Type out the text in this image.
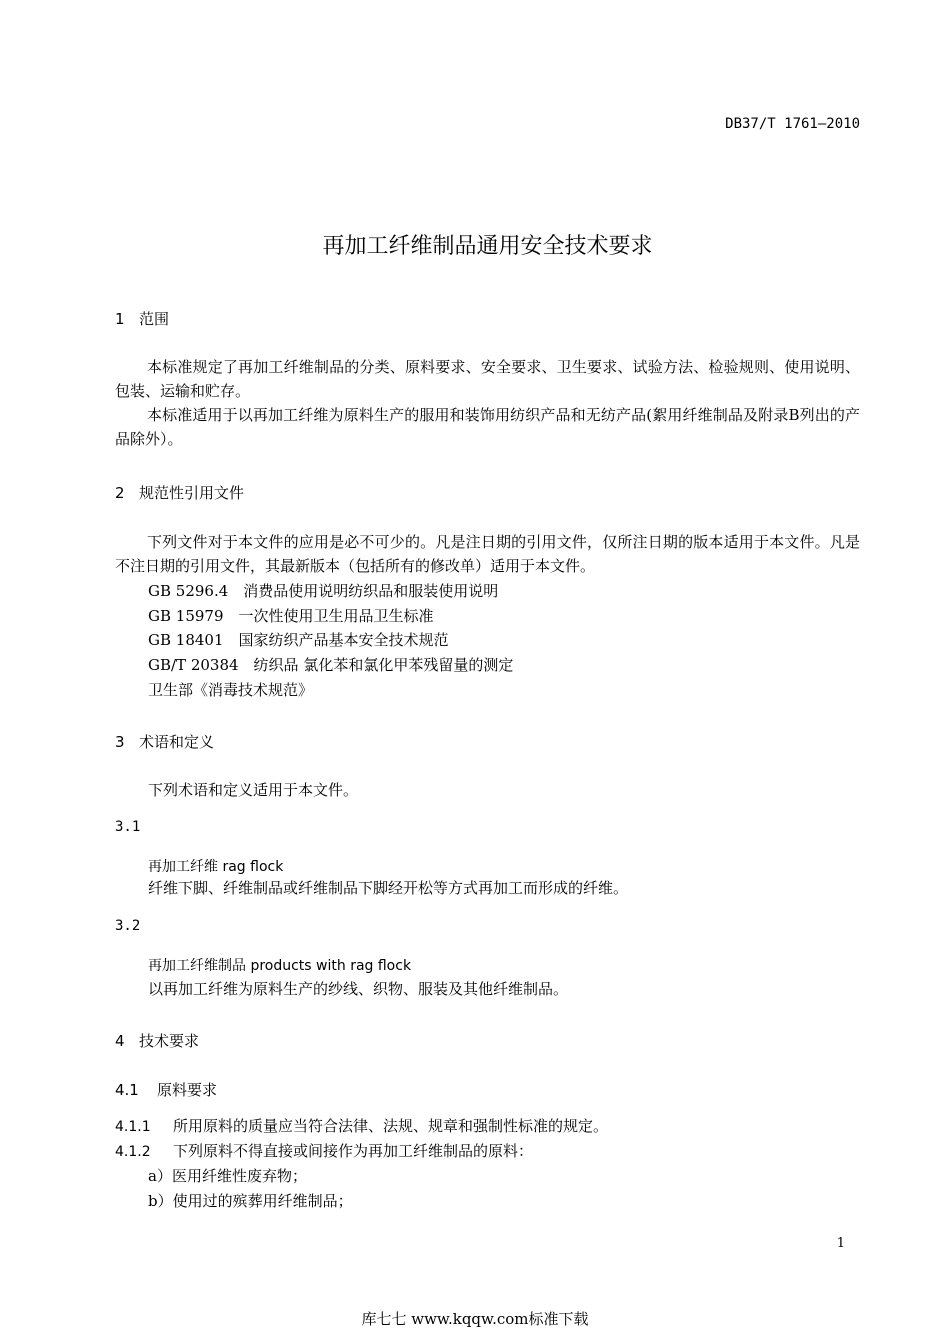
DB37/T 1761—2010
再加工纤维制品通用安全技术要求
1 范围

本标准规定了再加工纤维制品的分类、原料要求、安全要求、卫生要求、试验方法、检验规则、使用说明、包装、运输和贮存。

本标准适用于以再加工纤维为原料生产的服用和装饰用纺织产品和无纺产品(絮用纤维制品及附录B列出的产品除外）。

2 规范性引用文件

下列文件对于本文件的应用是必不可少的。凡是注日期的引用文件，仅所注日期的版本适用于本文件。凡是不注日期的引用文件，其最新版本（包括所有的修改单）适用于本文件。

GB 5296.4　消费品使用说明纺织品和服装使用说明
GB 15979　一次性使用卫生用品卫生标准
GB 18401　国家纺织产品基本安全技术规范
GB/T 20384　纺织品 氯化苯和氯化甲苯残留量的测定
卫生部《消毒技术规范》
3 术语和定义
下列术语和定义适用于本文件。
3.1
再加工纤维 rag flock
纤维下脚、纤维制品或纤维制品下脚经开松等方式再加工而形成的纤维。
3.2
再加工纤维制品 products with rag flock
以再加工纤维为原料生产的纱线、织物、服装及其他纤维制品。
4 技术要求
4.1 原料要求
4.1.1 所用原料的质量应当符合法律、法规、规章和强制性标准的规定。
4.1.2 下列原料不得直接或间接作为再加工纤维制品的原料：
a）医用纤维性废弃物；
b）使用过的殡葬用纤维制品；
1
库七七 www.kqqw.com标准下载
